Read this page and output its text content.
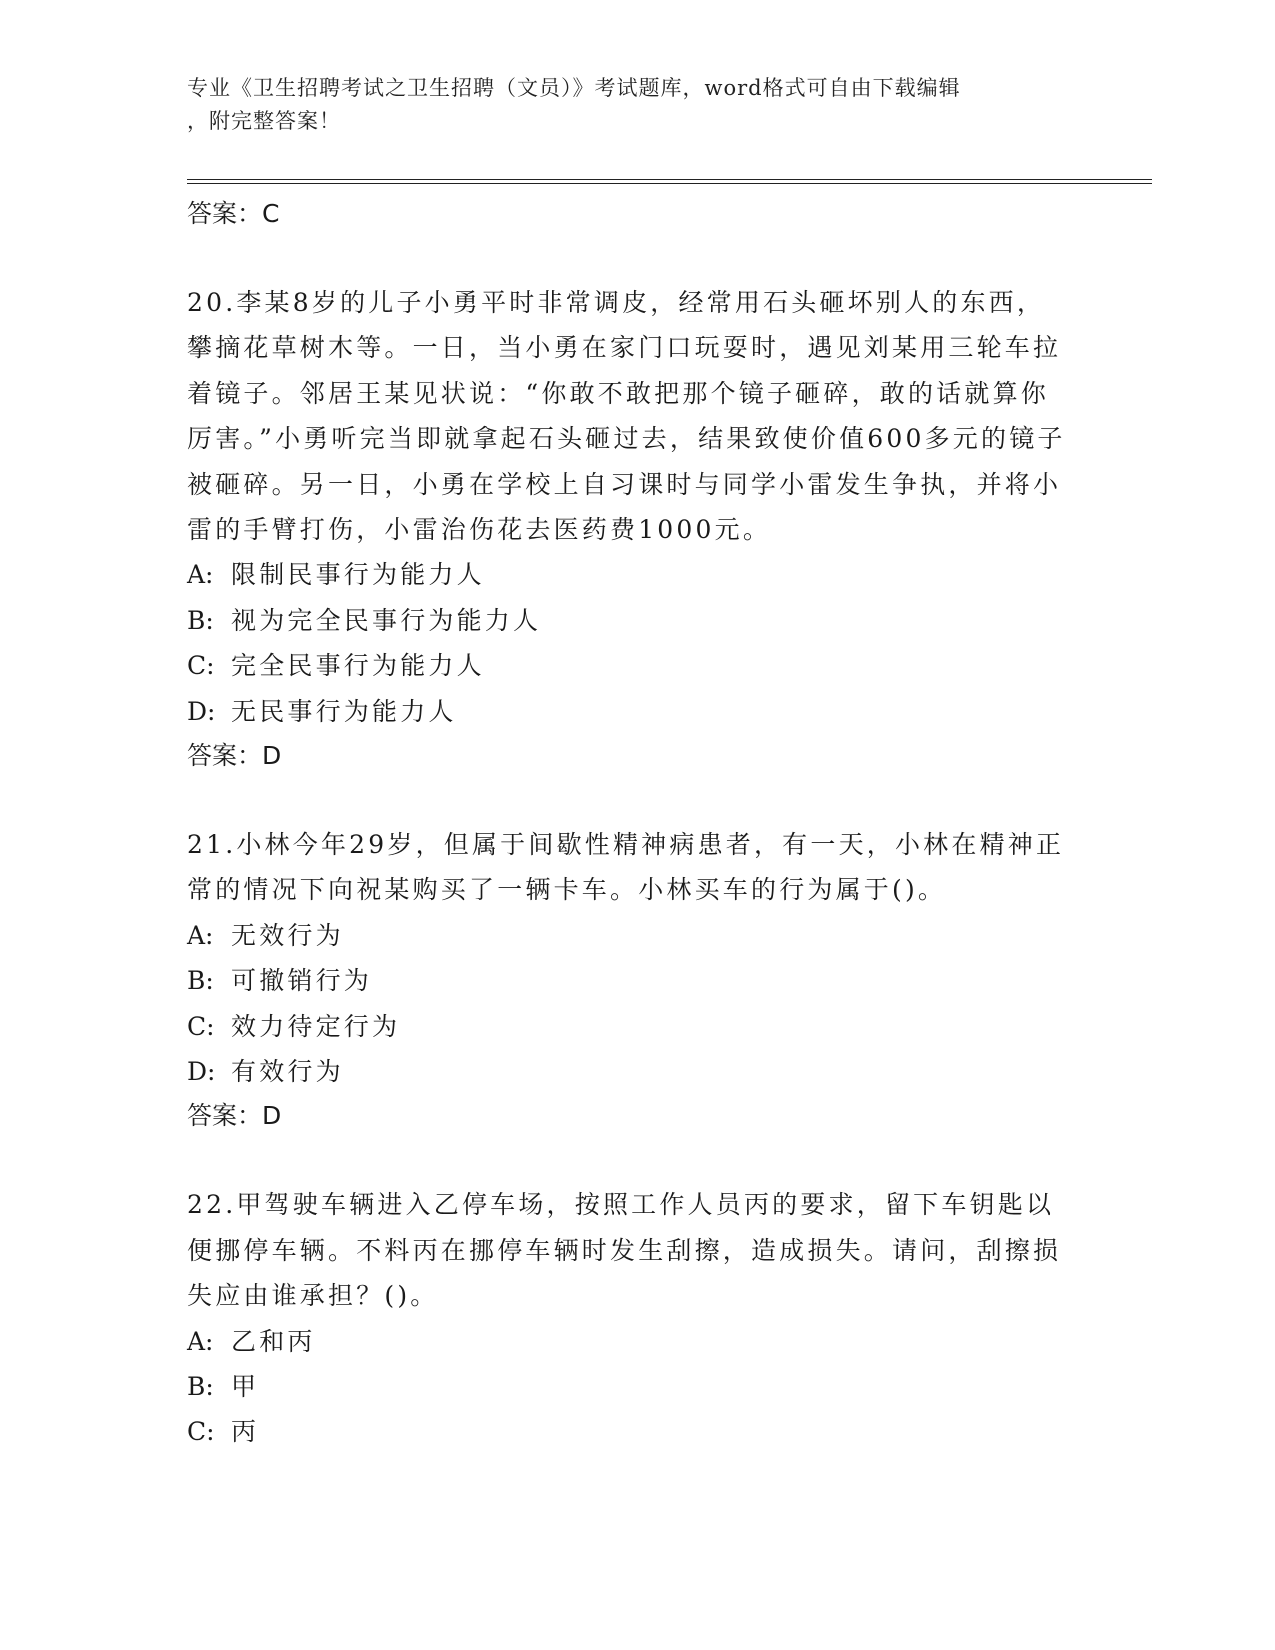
专业《卫生招聘考试之卫生招聘（文员）》考试题库，word格式可自由下载编辑
，附完整答案！
答案：C

20.李某8岁的儿子小勇平时非常调皮，经常用石头砸坏别人的东西，攀摘花草树木等。一日，当小勇在家门口玩耍时，遇见刘某用三轮车拉着镜子。邻居王某见状说：“你敢不敢把那个镜子砸碎，敢的话就算你厉害。”小勇听完当即就拿起石头砸过去，结果致使价值600多元的镜子被砸碎。另一日，小勇在学校上自习课时与同学小雷发生争执，并将小雷的手臂打伤，小雷治伤花去医药费1000元。

A: 限制民事行为能力人
B: 视为完全民事行为能力人
C: 完全民事行为能力人
D: 无民事行为能力人
答案：D

21.小林今年29岁，但属于间歇性精神病患者，有一天，小林在精神正常的情况下向祝某购买了一辆卡车。小林买车的行为属于()。

A: 无效行为
B: 可撤销行为
C: 效力待定行为
D: 有效行为
答案：D

22.甲驾驶车辆进入乙停车场，按照工作人员丙的要求，留下车钥匙以便挪停车辆。不料丙在挪停车辆时发生刮擦，造成损失。请问，刮擦损失应由谁承担？()。

A: 乙和丙
B: 甲
C: 丙
